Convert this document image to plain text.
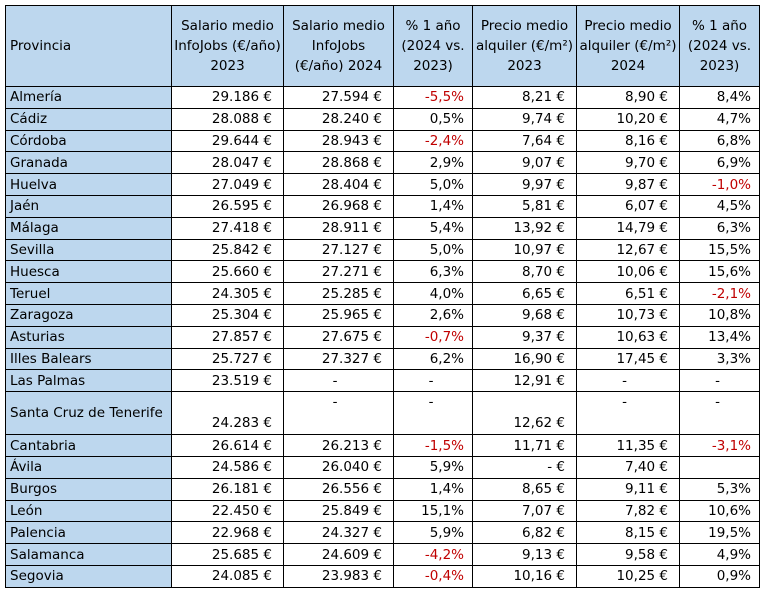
Provincia	Salario medio InfoJobs (€/año) 2023	Salario medio InfoJobs (€/año) 2024	% 1 año (2024 vs. 2023)	Precio medio alquiler (€/m²) 2023	Precio medio alquiler (€/m²) 2024	% 1 año (2024 vs. 2023)
Almería	29.186 €	27.594 €	-5,5%	8,21 €	8,90 €	8,4%
Cádiz	28.088 €	28.240 €	0,5%	9,74 €	10,20 €	4,7%
Córdoba	29.644 €	28.943 €	-2,4%	7,64 €	8,16 €	6,8%
Granada	28.047 €	28.868 €	2,9%	9,07 €	9,70 €	6,9%
Huelva	27.049 €	28.404 €	5,0%	9,97 €	9,87 €	-1,0%
Jaén	26.595 €	26.968 €	1,4%	5,81 €	6,07 €	4,5%
Málaga	27.418 €	28.911 €	5,4%	13,92 €	14,79 €	6,3%
Sevilla	25.842 €	27.127 €	5,0%	10,97 €	12,67 €	15,5%
Huesca	25.660 €	27.271 €	6,3%	8,70 €	10,06 €	15,6%
Teruel	24.305 €	25.285 €	4,0%	6,65 €	6,51 €	-2,1%
Zaragoza	25.304 €	25.965 €	2,6%	9,68 €	10,73 €	10,8%
Asturias	27.857 €	27.675 €	-0,7%	9,37 €	10,63 €	13,4%
Illes Balears	25.727 €	27.327 €	6,2%	16,90 €	17,45 €	3,3%
Las Palmas	23.519 €	-	-	12,91 €	-	-
Santa Cruz de Tenerife	24.283 €	-	-	12,62 €	-	-
Cantabria	26.614 €	26.213 €	-1,5%	11,71 €	11,35 €	-3,1%
Ávila	24.586 €	26.040 €	5,9%	- €	7,40 €	
Burgos	26.181 €	26.556 €	1,4%	8,65 €	9,11 €	5,3%
León	22.450 €	25.849 €	15,1%	7,07 €	7,82 €	10,6%
Palencia	22.968 €	24.327 €	5,9%	6,82 €	8,15 €	19,5%
Salamanca	25.685 €	24.609 €	-4,2%	9,13 €	9,58 €	4,9%
Segovia	24.085 €	23.983 €	-0,4%	10,16 €	10,25 €	0,9%
